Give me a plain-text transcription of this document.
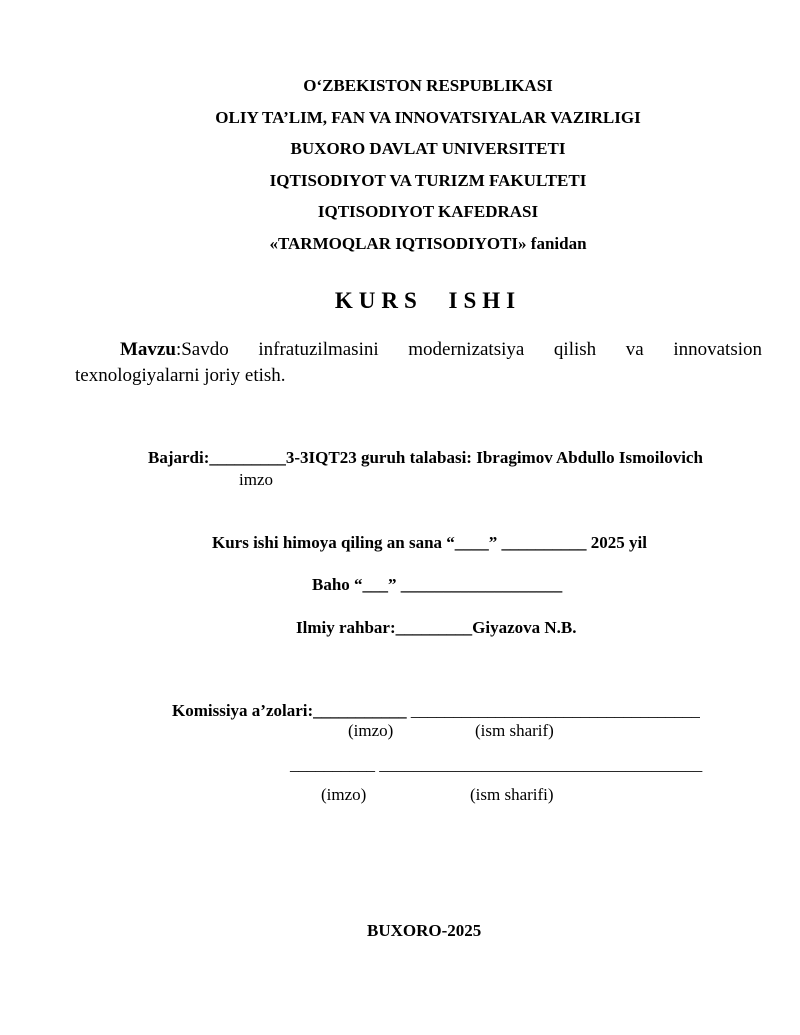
O‘ZBEKISTON RESPUBLIKASI
OLIY TA’LIM, FAN VA INNOVATSIYALAR VAZIRLIGI
BUXORO DAVLAT UNIVERSITETI
IQTISODIYOT VA TURIZM FAKULTETI
IQTISODIYOT KAFEDRASI
«TARMOQLAR IQTISODIYOTI» fanidan
KURS ISHI
Mavzu:Savdo infratuzilmasini modernizatsiya qilish va innovatsion texnologiyalarni joriy etish.
Bajardi:_________3-3IQT23 guruh talabasi: Ibragimov Abdullo Ismoilovich
imzo
Kurs ishi himoya qiling an sana “____” __________ 2025 yil
Baho “___” ___________________
Ilmiy rahbar:_________Giyazova N.B.
Komissiya a’zolari:___________ __________________________________
(imzo)	(ism sharif)
__________ ______________________________________
(imzo)	(ism sharifi)
BUXORO-2025
